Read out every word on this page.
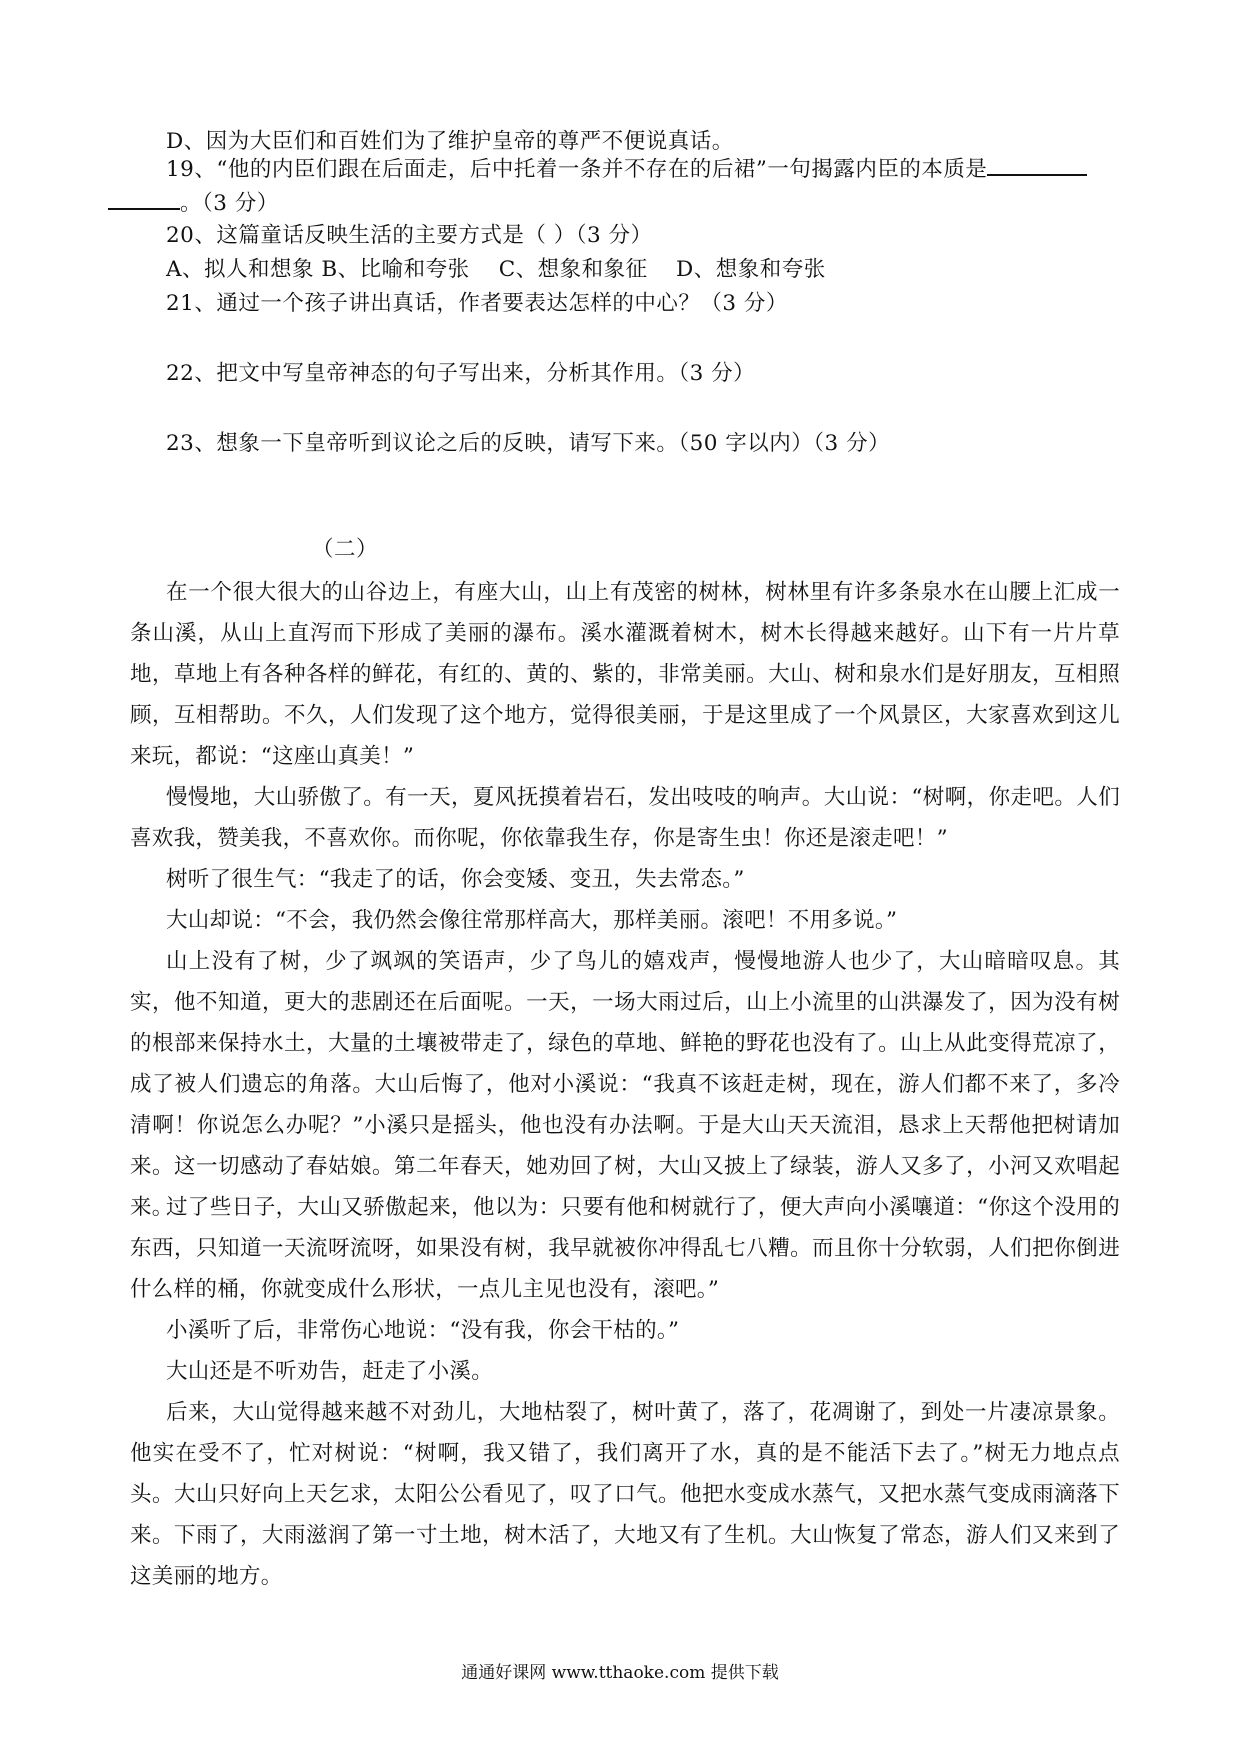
D、因为大臣们和百姓们为了维护皇帝的尊严不便说真话。
19、“他的内臣们跟在后面走，后中托着一条并不存在的后裙”一句揭露内臣的本质是
。（3 分）
20、这篇童话反映生活的主要方式是（ ）（3 分）
A、拟人和想象 B、比喻和夸张 C、想象和象征 D、想象和夸张
21、通过一个孩子讲出真话，作者要表达怎样的中心？（3 分）
22、把文中写皇帝神态的句子写出来，分析其作用。（3 分）
23、想象一下皇帝听到议论之后的反映，请写下来。（50 字以内）（3 分）
（二）
在一个很大很大的山谷边上，有座大山，山上有茂密的树林，树林里有许多条泉水在山腰上汇成一条山溪，从山上直泻而下形成了美丽的瀑布。溪水灌溉着树木，树木长得越来越好。山下有一片片草地，草地上有各种各样的鲜花，有红的、黄的、紫的，非常美丽。大山、树和泉水们是好朋友，互相照顾，互相帮助。不久，人们发现了这个地方，觉得很美丽，于是这里成了一个风景区，大家喜欢到这儿来玩，都说：“这座山真美！”
慢慢地，大山骄傲了。有一天，夏风抚摸着岩石，发出吱吱的响声。大山说：“树啊，你走吧。人们喜欢我，赞美我，不喜欢你。而你呢，你依靠我生存，你是寄生虫！你还是滚走吧！”
树听了很生气：“我走了的话，你会变矮、变丑，失去常态。”
大山却说：“不会，我仍然会像往常那样高大，那样美丽。滚吧！不用多说。”
山上没有了树，少了飒飒的笑语声，少了鸟儿的嬉戏声，慢慢地游人也少了，大山暗暗叹息。其实，他不知道，更大的悲剧还在后面呢。一天，一场大雨过后，山上小流里的山洪瀑发了，因为没有树的根部来保持水土，大量的土壤被带走了，绿色的草地、鲜艳的野花也没有了。山上从此变得荒凉了，成了被人们遗忘的角落。大山后悔了，他对小溪说：“我真不该赶走树，现在，游人们都不来了，多冷清啊！你说怎么办呢？”小溪只是摇头，他也没有办法啊。于是大山天天流泪，恳求上天帮他把树请加来。这一切感动了春姑娘。第二年春天，她劝回了树，大山又披上了绿装，游人又多了，小河又欢唱起来。
过了些日子，大山又骄傲起来，他以为：只要有他和树就行了，便大声向小溪嚷道：“你这个没用的东西，只知道一天流呀流呀，如果没有树，我早就被你冲得乱七八糟。而且你十分软弱，人们把你倒进什么样的桶，你就变成什么形状，一点儿主见也没有，滚吧。”
小溪听了后，非常伤心地说：“没有我，你会干枯的。”
大山还是不听劝告，赶走了小溪。
后来，大山觉得越来越不对劲儿，大地枯裂了，树叶黄了，落了，花凋谢了，到处一片凄凉景象。他实在受不了，忙对树说：“树啊，我又错了，我们离开了水，真的是不能活下去了。”树无力地点点头。大山只好向上天乞求，太阳公公看见了，叹了口气。他把水变成水蒸气，又把水蒸气变成雨滴落下来。下雨了，大雨滋润了第一寸土地，树木活了，大地又有了生机。大山恢复了常态，游人们又来到了这美丽的地方。
通通好课网 www.tthaoke.com 提供下载
